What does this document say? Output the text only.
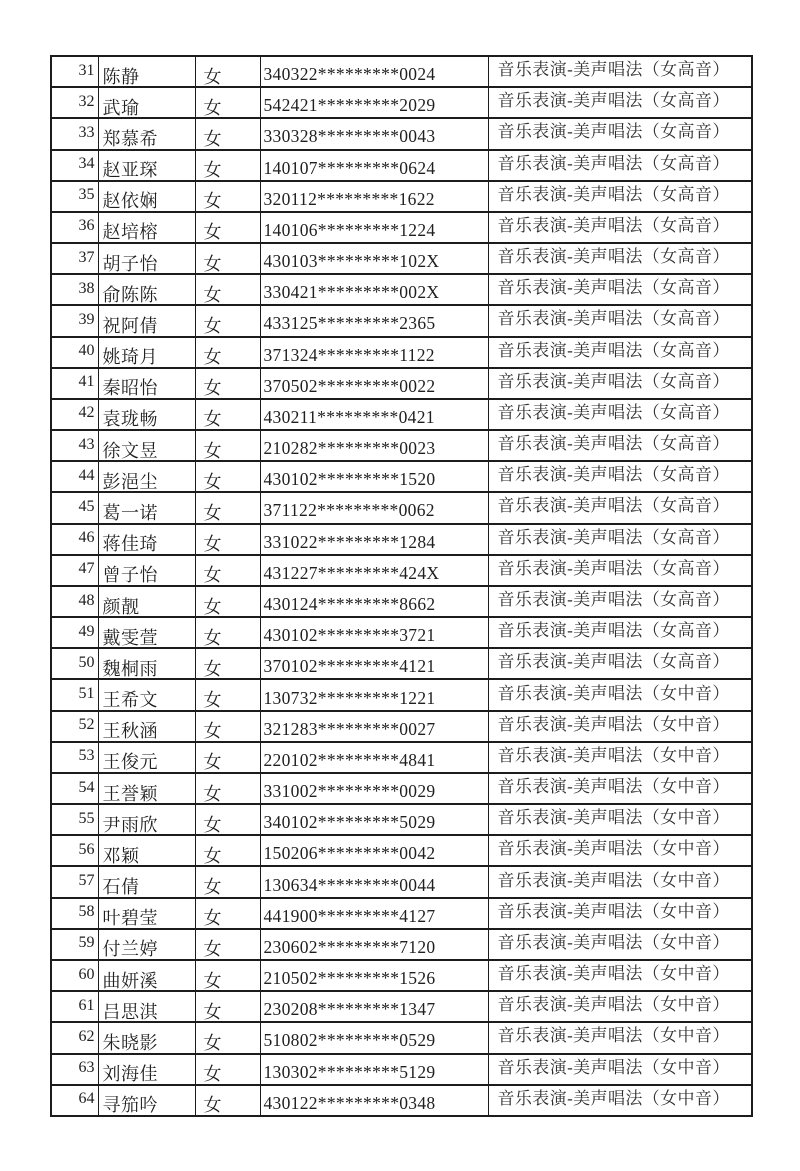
31	陈静	女	340322*********0024	音乐表演-美声唱法（女高音）
32	武瑜	女	542421*********2029	音乐表演-美声唱法（女高音）
33	郑慕希	女	330328*********0043	音乐表演-美声唱法（女高音）
34	赵亚琛	女	140107*********0624	音乐表演-美声唱法（女高音）
35	赵依娴	女	320112*********1622	音乐表演-美声唱法（女高音）
36	赵培榕	女	140106*********1224	音乐表演-美声唱法（女高音）
37	胡子怡	女	430103*********102X	音乐表演-美声唱法（女高音）
38	俞陈陈	女	330421*********002X	音乐表演-美声唱法（女高音）
39	祝阿倩	女	433125*********2365	音乐表演-美声唱法（女高音）
40	姚琦月	女	371324*********1122	音乐表演-美声唱法（女高音）
41	秦昭怡	女	370502*********0022	音乐表演-美声唱法（女高音）
42	袁珑畅	女	430211*********0421	音乐表演-美声唱法（女高音）
43	徐文昱	女	210282*********0023	音乐表演-美声唱法（女高音）
44	彭浥尘	女	430102*********1520	音乐表演-美声唱法（女高音）
45	葛一诺	女	371122*********0062	音乐表演-美声唱法（女高音）
46	蒋佳琦	女	331022*********1284	音乐表演-美声唱法（女高音）
47	曾子怡	女	431227*********424X	音乐表演-美声唱法（女高音）
48	颜靓	女	430124*********8662	音乐表演-美声唱法（女高音）
49	戴雯萱	女	430102*********3721	音乐表演-美声唱法（女高音）
50	魏桐雨	女	370102*********4121	音乐表演-美声唱法（女高音）
51	王希文	女	130732*********1221	音乐表演-美声唱法（女中音）
52	王秋涵	女	321283*********0027	音乐表演-美声唱法（女中音）
53	王俊元	女	220102*********4841	音乐表演-美声唱法（女中音）
54	王誉颖	女	331002*********0029	音乐表演-美声唱法（女中音）
55	尹雨欣	女	340102*********5029	音乐表演-美声唱法（女中音）
56	邓颖	女	150206*********0042	音乐表演-美声唱法（女中音）
57	石倩	女	130634*********0044	音乐表演-美声唱法（女中音）
58	叶碧莹	女	441900*********4127	音乐表演-美声唱法（女中音）
59	付兰婷	女	230602*********7120	音乐表演-美声唱法（女中音）
60	曲妍溪	女	210502*********1526	音乐表演-美声唱法（女中音）
61	吕思淇	女	230208*********1347	音乐表演-美声唱法（女中音）
62	朱晓影	女	510802*********0529	音乐表演-美声唱法（女中音）
63	刘海佳	女	130302*********5129	音乐表演-美声唱法（女中音）
64	寻笳吟	女	430122*********0348	音乐表演-美声唱法（女中音）
